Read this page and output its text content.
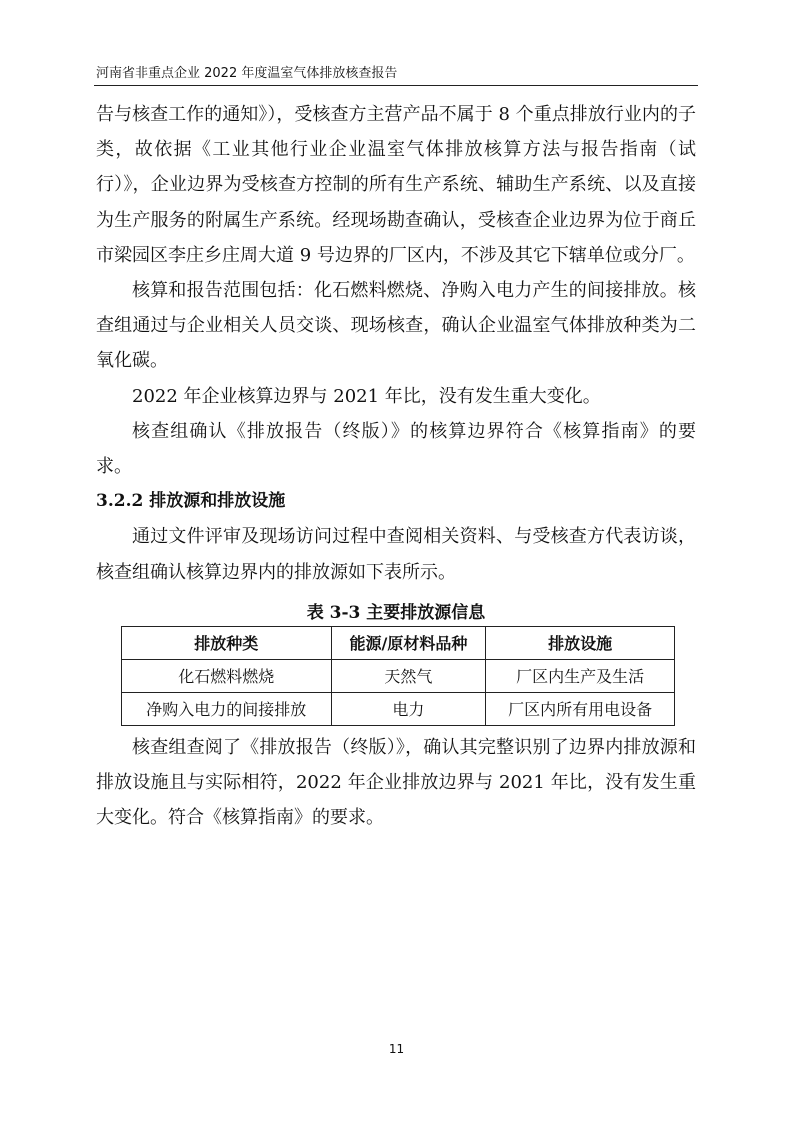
河南省非重点企业 2022 年度温室气体排放核查报告

告与核查工作的通知》），受核查方主营产品不属于 8 个重点排放行业内的子类，故依据《工业其他行业企业温室气体排放核算方法与报告指南（试行）》，企业边界为受核查方控制的所有生产系统、辅助生产系统、以及直接为生产服务的附属生产系统。经现场勘查确认，受核查企业边界为位于商丘市梁园区李庄乡庄周大道 9 号边界的厂区内，不涉及其它下辖单位或分厂。

核算和报告范围包括：化石燃料燃烧、净购入电力产生的间接排放。核查组通过与企业相关人员交谈、现场核查，确认企业温室气体排放种类为二氧化碳。

2022 年企业核算边界与 2021 年比，没有发生重大变化。

核查组确认《排放报告（终版）》的核算边界符合《核算指南》的要求。

3.2.2 排放源和排放设施

通过文件评审及现场访问过程中查阅相关资料、与受核查方代表访谈，核查组确认核算边界内的排放源如下表所示。

表 3-3 主要排放源信息
排放种类	能源/原材料品种	排放设施
化石燃料燃烧	天然气	厂区内生产及生活
净购入电力的间接排放	电力	厂区内所有用电设备

核查组查阅了《排放报告（终版）》，确认其完整识别了边界内排放源和排放设施且与实际相符，2022 年企业排放边界与 2021 年比，没有发生重大变化。符合《核算指南》的要求。

11
